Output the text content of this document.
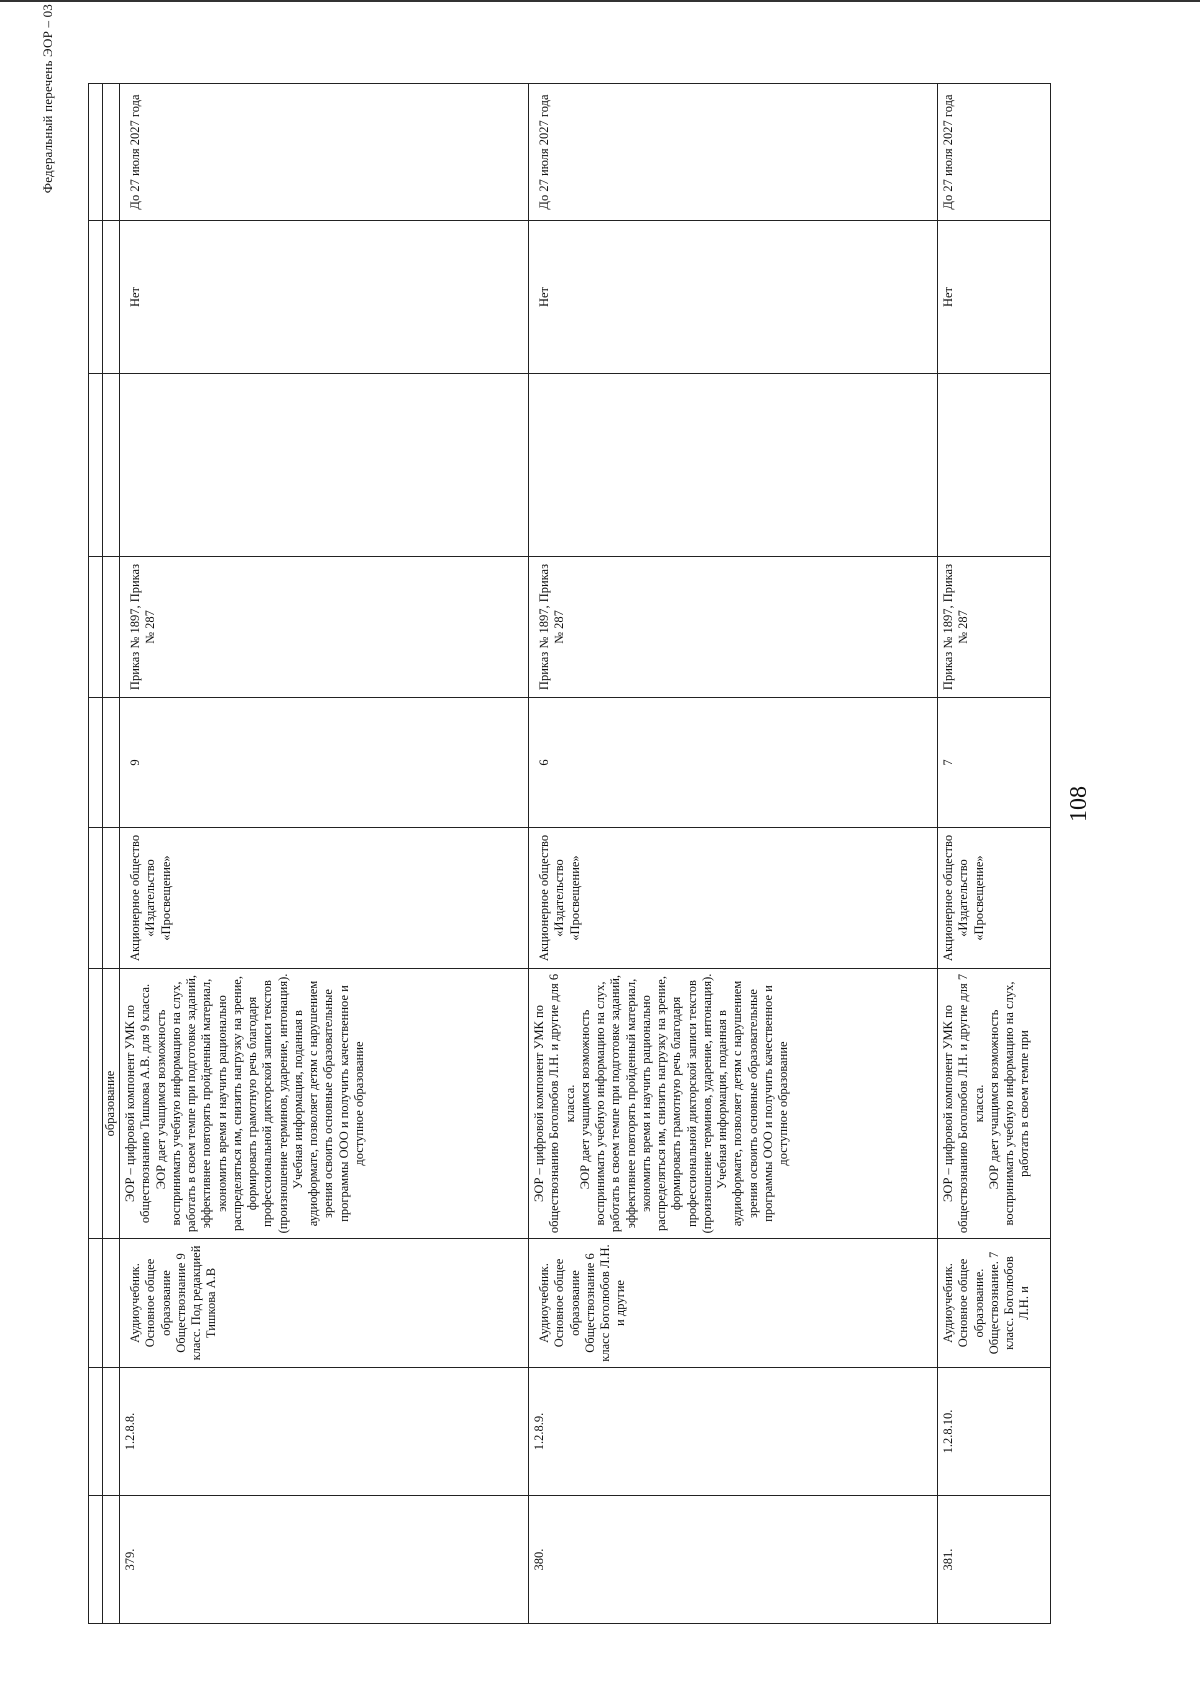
108
Федеральный перечень ЭОР – 03

			образование						
379.	1.2.8.8.	Аудиоучебник. Основное общее образование Обществознание 9 класс. Под редакцией Тишкова А.В	ЭОР – цифровой компонент УМК по обществознанию Тишкова А.В. для 9 класса. ЭОР дает учащимся возможность воспринимать учебную информацию на слух, работать в своем темпе при подготовке заданий, эффективнее повторять пройденный материал, экономить время и научить рационально распределяться им, снизить нагрузку на зрение, формировать грамотную речь благодаря профессиональной дикторской записи текстов (произношение терминов, ударение, интонация). Учебная информация, поданная в аудиоформате, позволяет детям с нарушением зрения освоить основные образовательные программы ООО и получить качественное и доступное образование	Акционерное общество «Издательство «Просвещение»	9	Приказ № 1897, Приказ № 287		Нет	До 27 июля 2027 года
380.	1.2.8.9.	Аудиоучебник. Основное общее образование Обществознание 6 класс Боголюбов Л.Н. и другие	ЭОР – цифровой компонент УМК по обществознанию Боголюбов Л.Н. и другие для 6 класса. ЭОР дает учащимся возможность воспринимать учебную информацию на слух, работать в своем темпе при подготовке заданий, эффективнее повторять пройденный материал, экономить время и научить рационально распределяться им, снизить нагрузку на зрение, формировать грамотную речь благодаря профессиональной дикторской записи текстов (произношение терминов, ударение, интонация). Учебная информация, поданная в аудиоформате, позволяет детям с нарушением зрения освоить основные образовательные программы ООО и получить качественное и доступное образование	Акционерное общество «Издательство «Просвещение»	6	Приказ № 1897, Приказ № 287		Нет	До 27 июля 2027 года
381.	1.2.8.10.	Аудиоучебник. Основное общее образование. Обществознание. 7 класс. Боголюбов Л.Н. и	ЭОР – цифровой компонент УМК по обществознанию Боголюбов Л.Н. и другие для 7 класса. ЭОР дает учащимся возможность воспринимать учебную информацию на слух, работать в своем темпе при	Акционерное общество «Издательство «Просвещение»	7	Приказ № 1897, Приказ № 287		Нет	До 27 июля 2027 года
